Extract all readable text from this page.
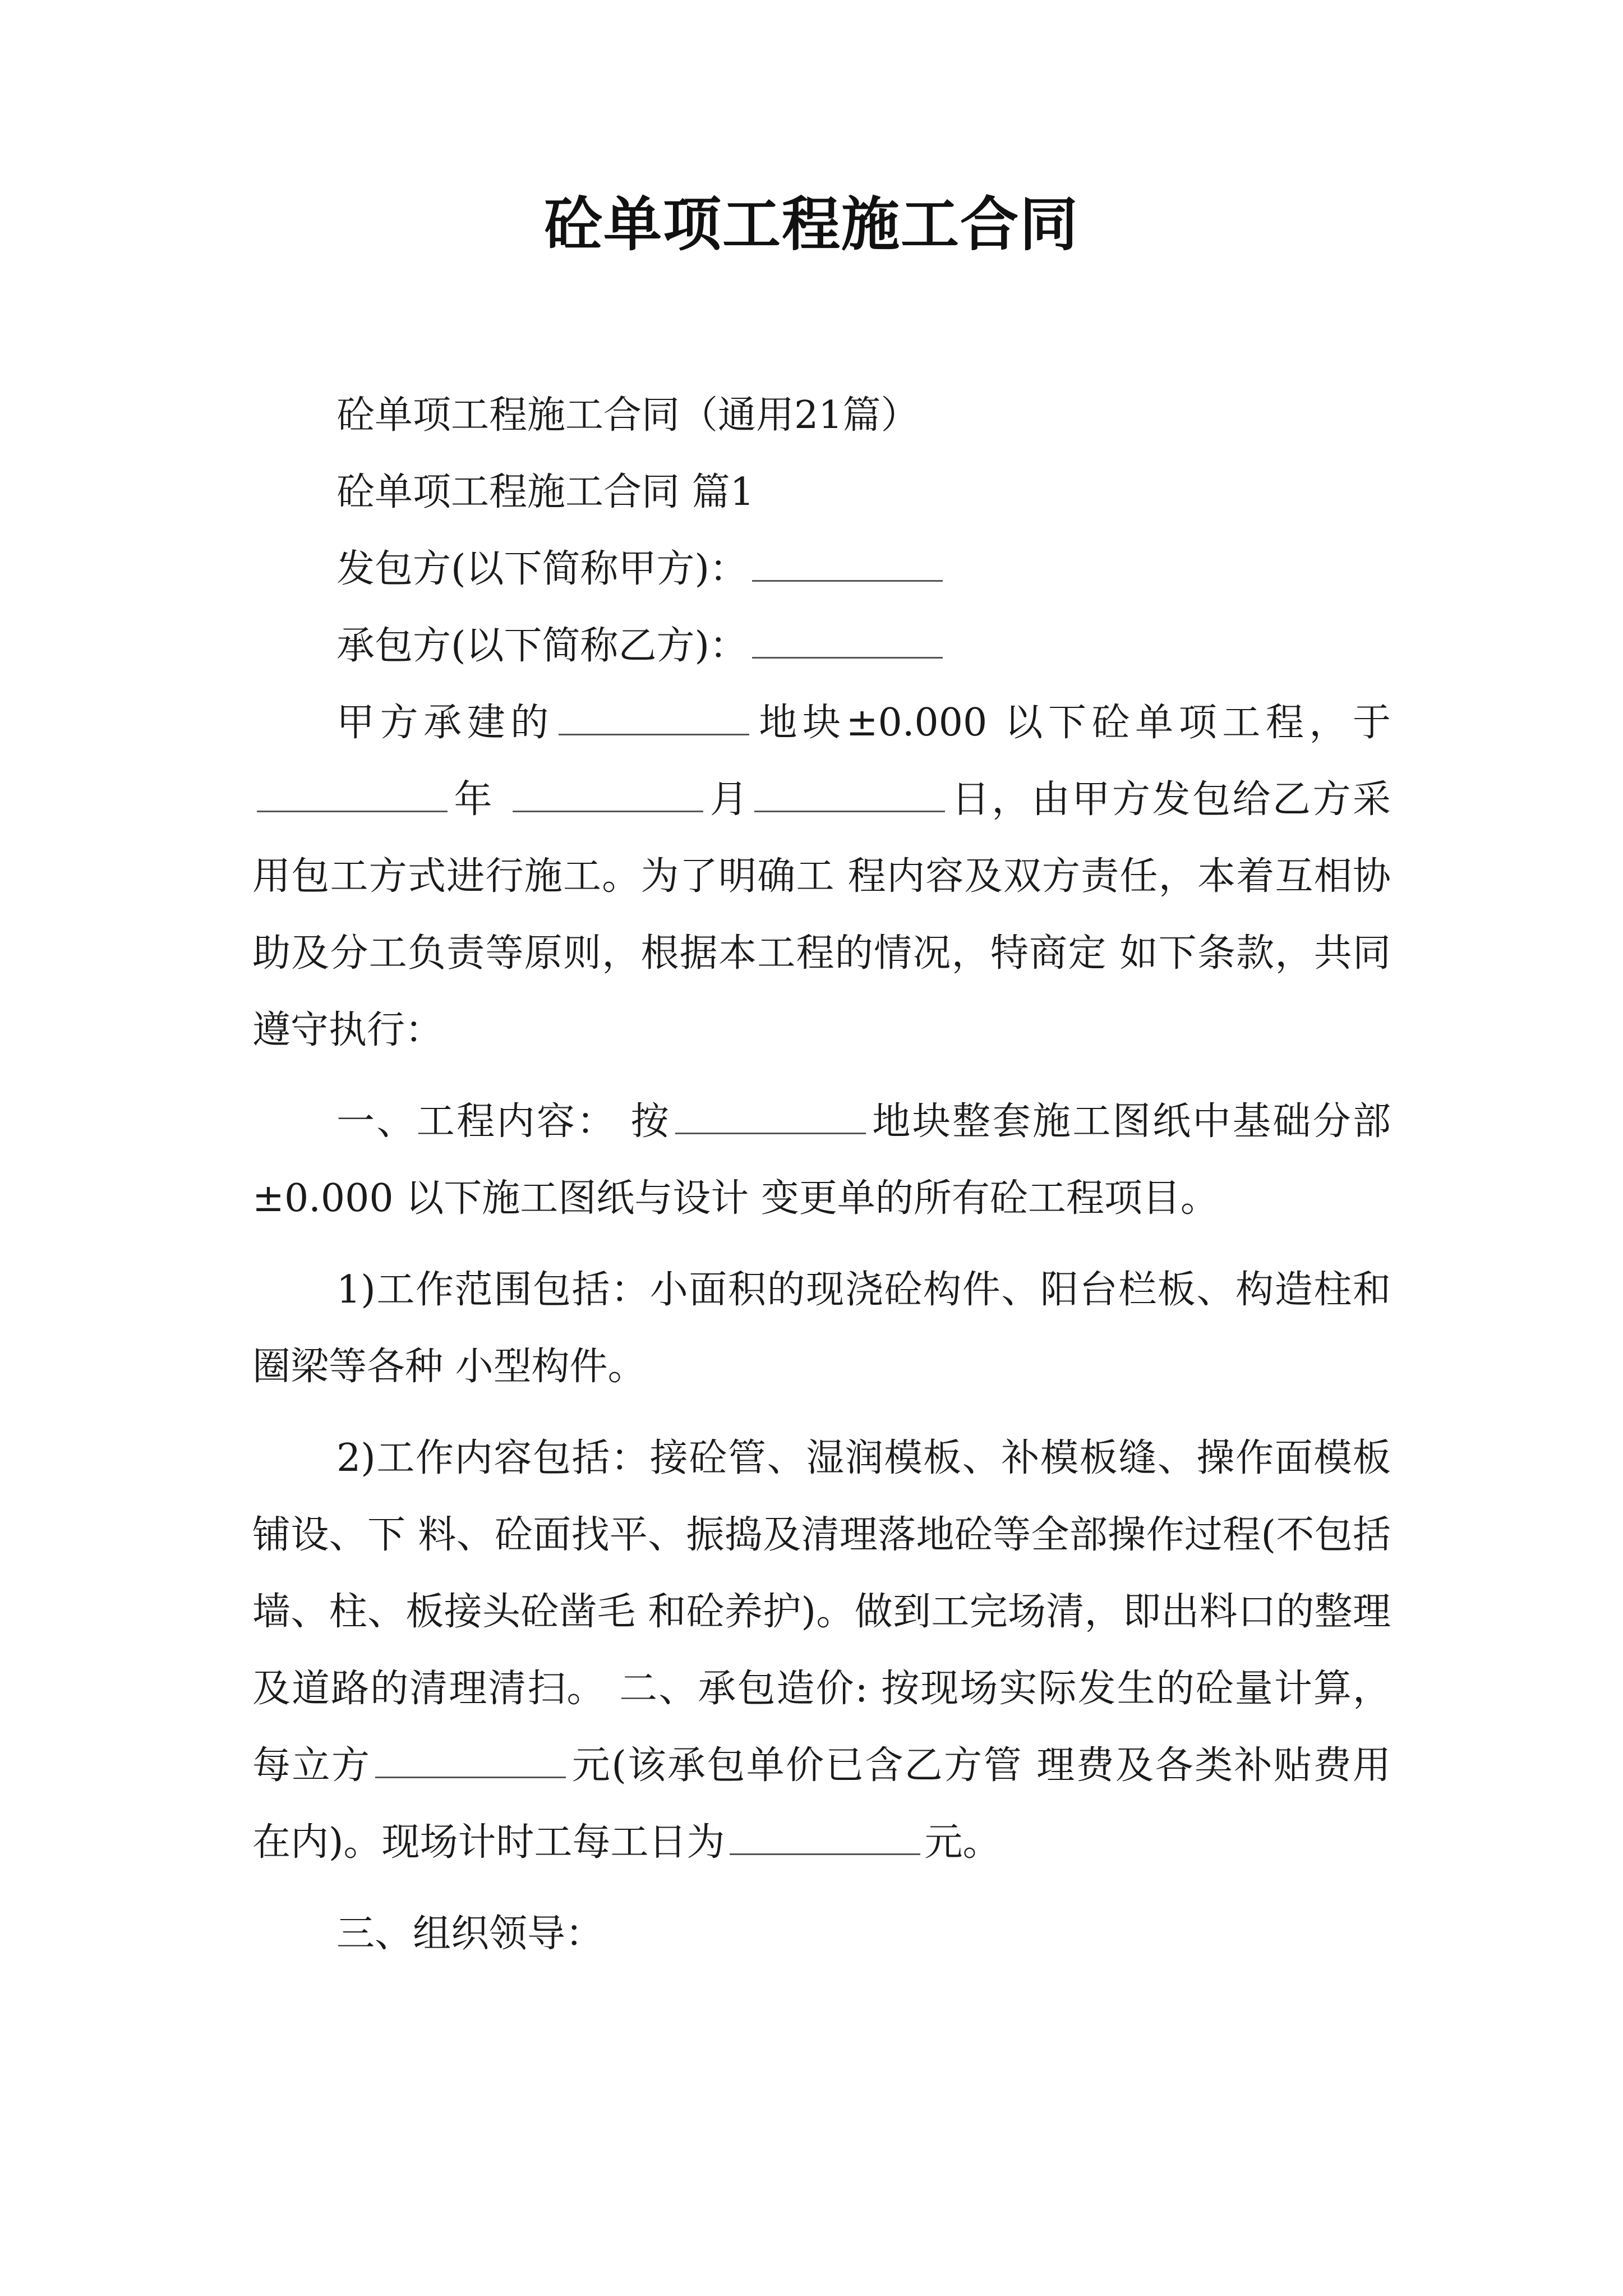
砼单项工程施工合同

砼单项工程施工合同（通用21篇）

砼单项工程施工合同 篇1

发包方(以下简称甲方)：

承包方(以下简称乙方)：

甲方承建的	地块±0.000 以下砼单项工程，于年	月	日，由甲方发包给乙方采用包工方式进行施工。为了明确工 程内容及双方责任，本着互相协助及分工负责等原则，根据本工程的情况，特商定 如下条款，共同遵守执行：

一、工程内容： 按	地块整套施工图纸中基础分部±0.000 以下施工图纸与设计 变更单的所有砼工程项目。

1)工作范围包括：小面积的现浇砼构件、阳台栏板、构造柱和圈梁等各种 小型构件。

2)工作内容包括：接砼管、湿润模板、补模板缝、操作面模板铺设、下 料、砼面找平、振捣及清理落地砼等全部操作过程(不包括墙、柱、板接头砼凿毛 和砼养护)。做到工完场清，即出料口的整理及道路的清理清扫。 二、承包造价: 按现场实际发生的砼量计算，每立方	元(该承包单价已含乙方管 理费及各类补贴费用在内)。现场计时工每工日为	元。

三、组织领导：
